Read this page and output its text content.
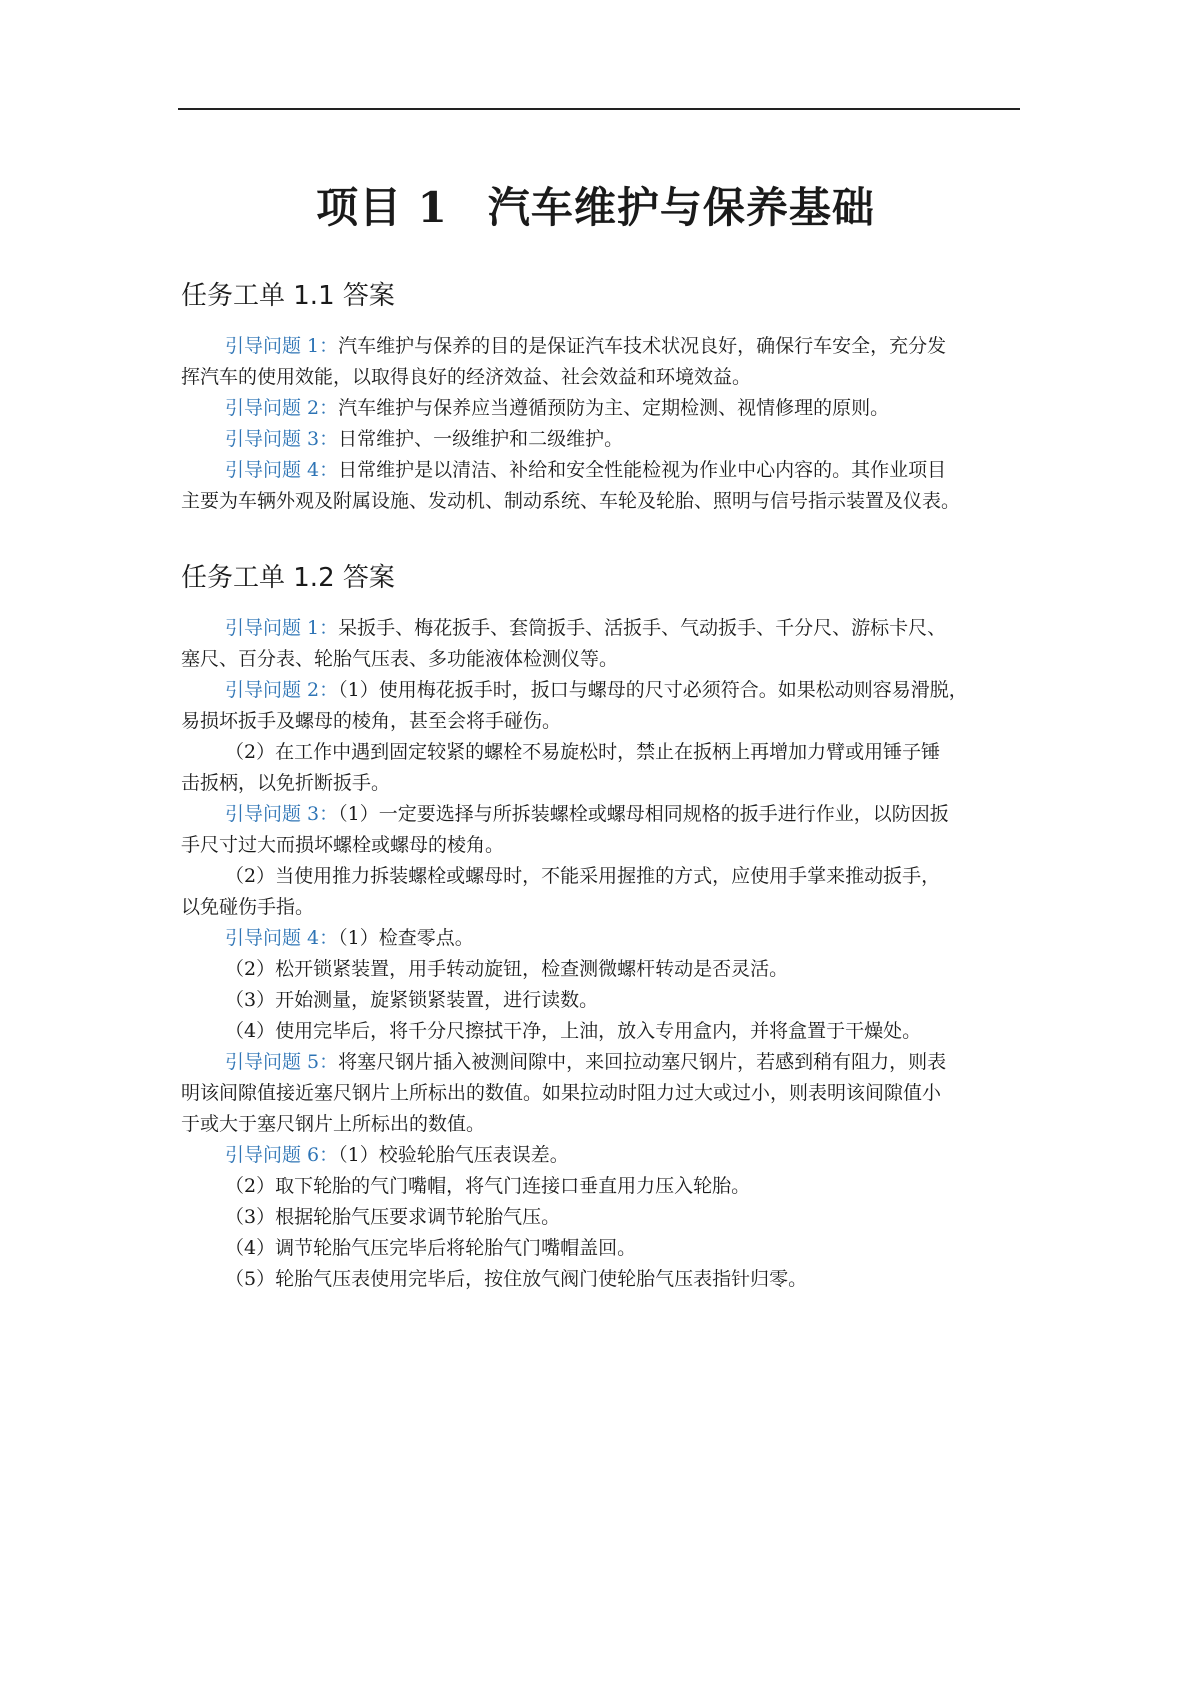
项目 1 汽车维护与保养基础
任务工单 1.1 答案

引导问题 1：汽车维护与保养的目的是保证汽车技术状况良好，确保行车安全，充分发

挥汽车的使用效能，以取得良好的经济效益、社会效益和环境效益。

引导问题 2：汽车维护与保养应当遵循预防为主、定期检测、视情修理的原则。

引导问题 3：日常维护、一级维护和二级维护。

引导问题 4：日常维护是以清洁、补给和安全性能检视为作业中心内容的。其作业项目

主要为车辆外观及附属设施、发动机、制动系统、车轮及轮胎、照明与信号指示装置及仪表。

任务工单 1.2 答案

引导问题 1：呆扳手、梅花扳手、套筒扳手、活扳手、气动扳手、千分尺、游标卡尺、

塞尺、百分表、轮胎气压表、多功能液体检测仪等。

引导问题 2：（1）使用梅花扳手时，扳口与螺母的尺寸必须符合。如果松动则容易滑脱，

易损坏扳手及螺母的棱角，甚至会将手碰伤。

（2）在工作中遇到固定较紧的螺栓不易旋松时，禁止在扳柄上再增加力臂或用锤子锤

击扳柄，以免折断扳手。

引导问题 3：（1）一定要选择与所拆装螺栓或螺母相同规格的扳手进行作业，以防因扳

手尺寸过大而损坏螺栓或螺母的棱角。

（2）当使用推力拆装螺栓或螺母时，不能采用握推的方式，应使用手掌来推动扳手，

以免碰伤手指。

引导问题 4：（1）检查零点。

（2）松开锁紧装置，用手转动旋钮，检查测微螺杆转动是否灵活。

（3）开始测量，旋紧锁紧装置，进行读数。

（4）使用完毕后，将千分尺擦拭干净，上油，放入专用盒内，并将盒置于干燥处。

引导问题 5：将塞尺钢片插入被测间隙中，来回拉动塞尺钢片，若感到稍有阻力，则表

明该间隙值接近塞尺钢片上所标出的数值。如果拉动时阻力过大或过小，则表明该间隙值小

于或大于塞尺钢片上所标出的数值。

引导问题 6：（1）校验轮胎气压表误差。

（2）取下轮胎的气门嘴帽，将气门连接口垂直用力压入轮胎。

（3）根据轮胎气压要求调节轮胎气压。

（4）调节轮胎气压完毕后将轮胎气门嘴帽盖回。

（5）轮胎气压表使用完毕后，按住放气阀门使轮胎气压表指针归零。
